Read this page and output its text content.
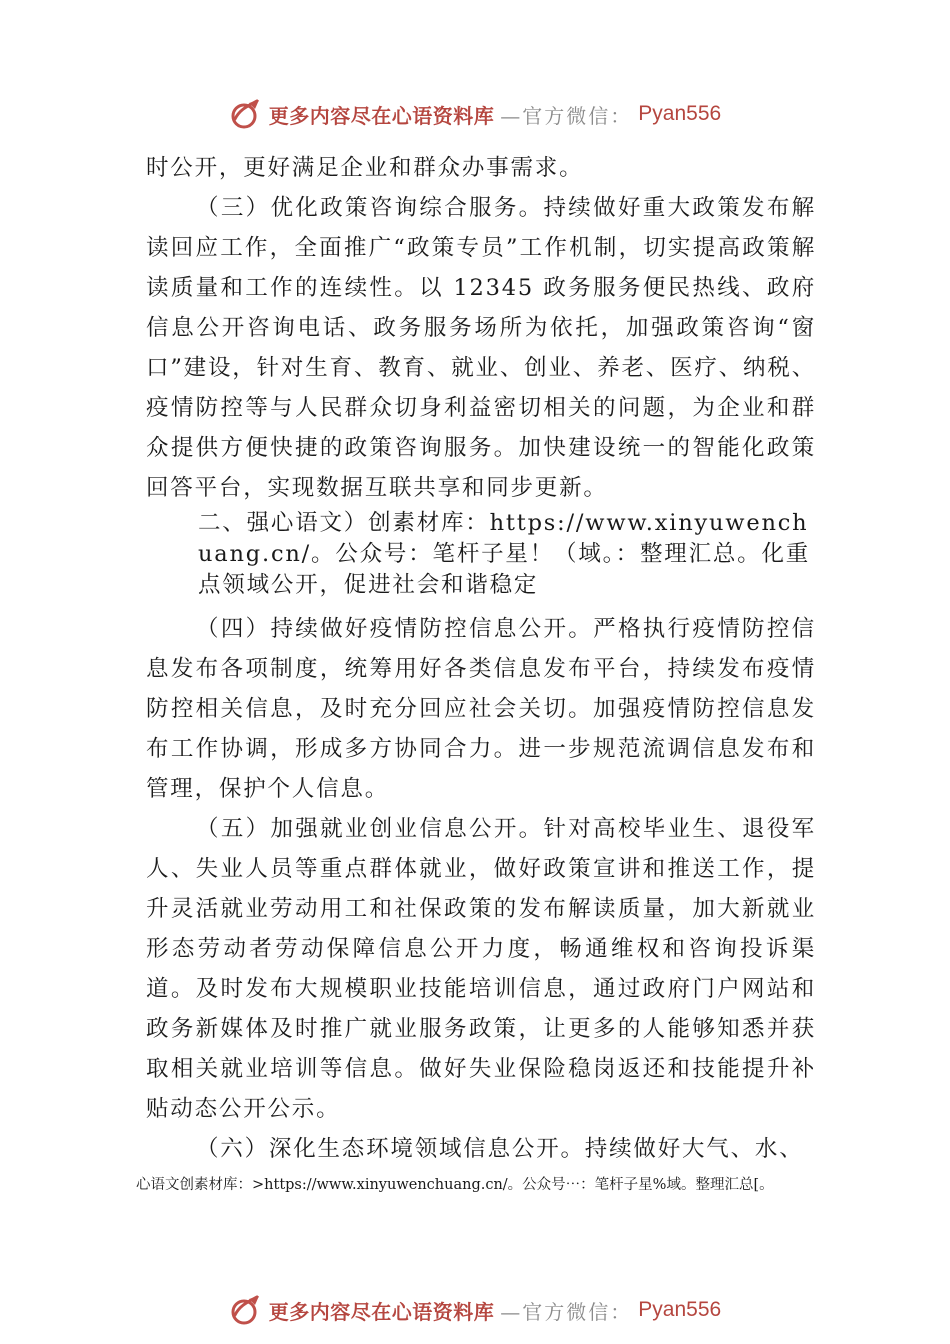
更多内容尽在心语资料库 —官方微信： Pyan556

时公开，更好满足企业和群众办事需求。

（三）优化政策咨询综合服务。持续做好重大政策发布解读回应工作，全面推广“政策专员”工作机制，切实提高政策解读质量和工作的连续性。以 12345 政务服务便民热线、政府信息公开咨询电话、政务服务场所为依托，加强政策咨询“窗口”建设，针对生育、教育、就业、创业、养老、医疗、纳税、疫情防控等与人民群众切身利益密切相关的问题，为企业和群众提供方便快捷的政策咨询服务。加快建设统一的智能化政策回答平台，实现数据互联共享和同步更新。

二、强心语文）创素材库：https://www.xinyuwenchuang.cn/。公众号：笔杆子星！（域。：整理汇总。化重点领域公开，促进社会和谐稳定

（四）持续做好疫情防控信息公开。严格执行疫情防控信息发布各项制度，统筹用好各类信息发布平台，持续发布疫情防控相关信息，及时充分回应社会关切。加强疫情防控信息发布工作协调，形成多方协同合力。进一步规范流调信息发布和管理，保护个人信息。

（五）加强就业创业信息公开。针对高校毕业生、退役军人、失业人员等重点群体就业，做好政策宣讲和推送工作，提升灵活就业劳动用工和社保政策的发布解读质量，加大新就业形态劳动者劳动保障信息公开力度，畅通维权和咨询投诉渠道。及时发布大规模职业技能培训信息，通过政府门户网站和政务新媒体及时推广就业服务政策，让更多的人能够知悉并获取相关就业培训等信息。做好失业保险稳岗返还和技能提升补贴动态公开公示。

（六）深化生态环境领域信息公开。持续做好大气、水、

心语文创素材库：>https://www.xinyuwenchuang.cn/。公众号⋯：笔杆子星%域。整理汇总[。
更多内容尽在心语资料库 —官方微信： Pyan556
